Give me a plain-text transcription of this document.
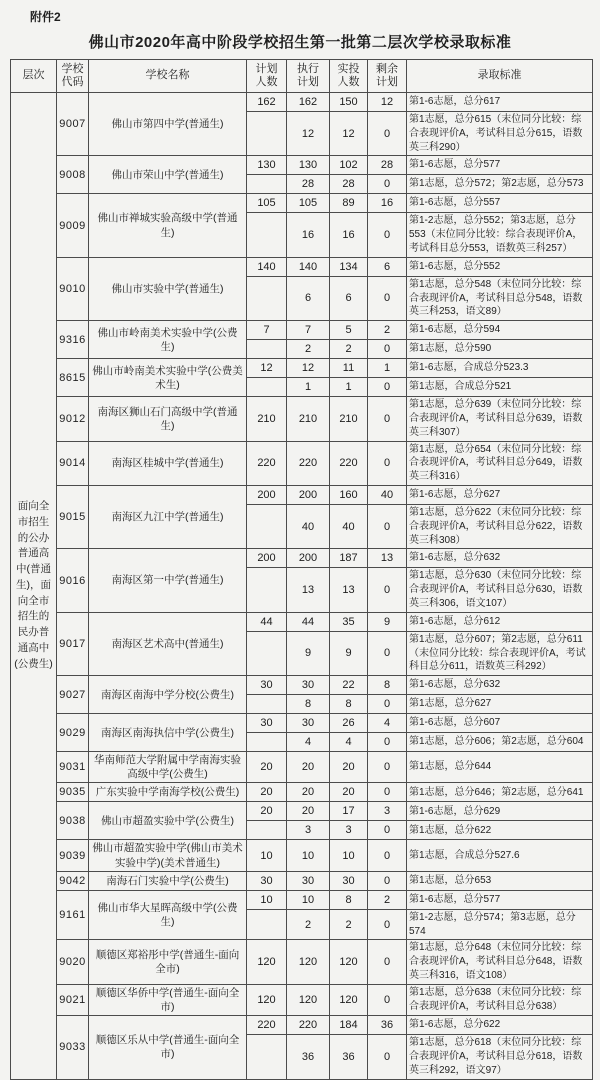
附件2
佛山市2020年高中阶段学校招生第一批第二层次学校录取标准
层次	学校代码	学校名称	计划人数	执行计划	实投人数	剩余计划	录取标准
面向全市招生的公办普通高中(普通生)，面向全市招生的民办普通高中(公费生)	9007	佛山市第四中学(普通生)	162	162	150	12	第1-6志愿，总分617
				12	12	0	第1志愿，总分615（末位同分比较：综合表现评价A，考试科目总分615，语数英三科290）
	9008	佛山市荣山中学(普通生)	130	130	102	28	第1-6志愿，总分577
				28	28	0	第1志愿，总分572；第2志愿，总分573
	9009	佛山市禅城实验高级中学(普通生)	105	105	89	16	第1-6志愿，总分557
				16	16	0	第1-2志愿，总分552；第3志愿，总分553（末位同分比较：综合表现评价A，考试科目总分553，语数英三科257）
	9010	佛山市实验中学(普通生)	140	140	134	6	第1-6志愿，总分552
				6	6	0	第1志愿，总分548（末位同分比较：综合表现评价A，考试科目总分548，语数英三科253，语文89）
	9316	佛山市岭南美术实验中学(公费生)	7	7	5	2	第1-6志愿，总分594
				2	2	0	第1志愿，总分590
	8615	佛山市岭南美术实验中学(公费美术生)	12	12	11	1	第1-6志愿，合成总分523.3
				1	1	0	第1志愿，合成总分521
	9012	南海区狮山石门高级中学(普通生)	210	210	210	0	第1志愿，总分639（末位同分比较：综合表现评价A，考试科目总分639，语数英三科307）
	9014	南海区桂城中学(普通生)	220	220	220	0	第1志愿，总分654（末位同分比较：综合表现评价A，考试科目总分649，语数英三科316）
	9015	南海区九江中学(普通生)	200	200	160	40	第1-6志愿，总分627
				40	40	0	第1志愿，总分622（末位同分比较：综合表现评价A，考试科目总分622，语数英三科308）
	9016	南海区第一中学(普通生)	200	200	187	13	第1-6志愿，总分632
				13	13	0	第1志愿，总分630（末位同分比较：综合表现评价A，考试科目总分630，语数英三科306，语文107）
	9017	南海区艺术高中(普通生)	44	44	35	9	第1-6志愿，总分612
				9	9	0	第1志愿，总分607；第2志愿，总分611（末位同分比较：综合表现评价A，考试科目总分611，语数英三科292）
	9027	南海区南海中学分校(公费生)	30	30	22	8	第1-6志愿，总分632
				8	8	0	第1志愿，总分627
	9029	南海区南海执信中学(公费生)	30	30	26	4	第1-6志愿，总分607
				4	4	0	第1志愿，总分606；第2志愿，总分604
	9031	华南师范大学附属中学南海实验高级中学(公费生)	20	20	20	0	第1志愿，总分644
	9035	广东实验中学南海学校(公费生)	20	20	20	0	第1志愿，总分646；第2志愿，总分641
	9038	佛山市超盈实验中学(公费生)	20	20	17	3	第1-6志愿，总分629
				3	3	0	第1志愿，总分622
	9039	佛山市超盈实验中学(佛山市美术实验中学)(美术普通生)	10	10	10	0	第1志愿，合成总分527.6
	9042	南海石门实验中学(公费生)	30	30	30	0	第1志愿，总分653
	9161	佛山市华大星晖高级中学(公费生)	10	10	8	2	第1-6志愿，总分577
				2	2	0	第1-2志愿，总分574；第3志愿，总分574
	9020	顺德区郑裕彤中学(普通生-面向全市)	120	120	120	0	第1志愿，总分648（末位同分比较：综合表现评价A，考试科目总分648，语数英三科316，语文108）
	9021	顺德区华侨中学(普通生-面向全市)	120	120	120	0	第1志愿，总分638（末位同分比较：综合表现评价A，考试科目总分638）
	9033	顺德区乐从中学(普通生-面向全市)	220	220	184	36	第1-6志愿，总分622
				36	36	0	第1志愿，总分618（末位同分比较：综合表现评价A，考试科目总分618，语数英三科292，语文97）
